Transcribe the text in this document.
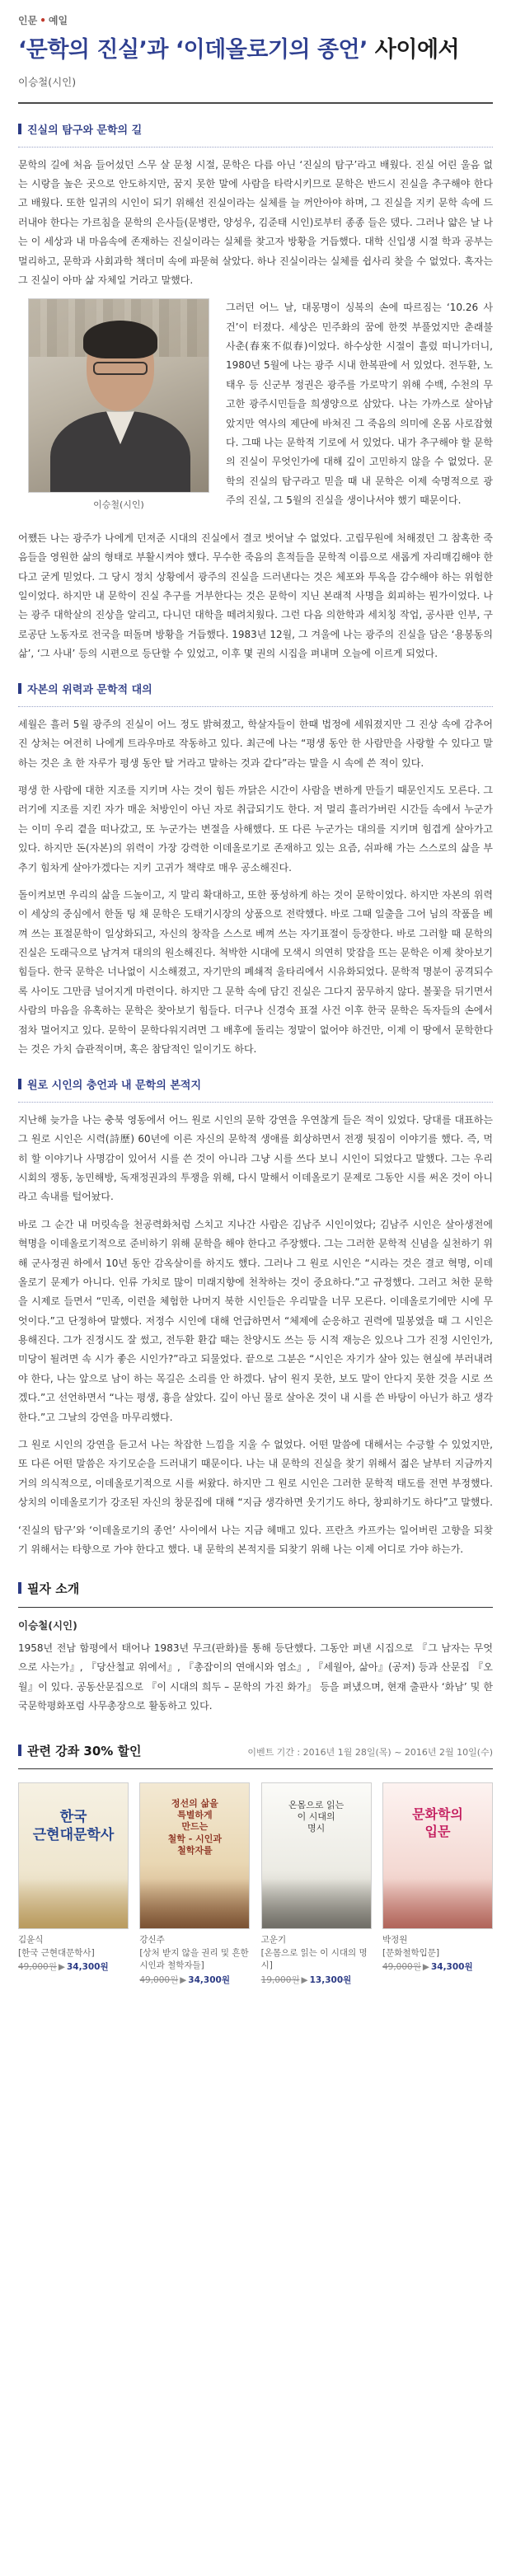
인문 • 예일
‘문학의 진실’과 ‘이데올로기의 종언’ 사이에서
이승철(시인)
진실의 탐구와 문학의 길

문학의 길에 처음 들어섰던 스무 살 문청 시절, 문학은 다름 아닌 ‘진실의 탐구’라고 배웠다. 진실 어린 울음 없는 시랑을 높은 곳으로 안도하지만, 꿈지 못한 말에 사람을 타락시키므로 문학은 반드시 진실을 추구해야 한다고 배웠다. 또한 일귀의 시인이 되기 위해선 진실이라는 실체를 늘 꺼안아야 하며, 그 진실을 지키 문학 속에 드러내야 한다는 가르침을 문학의 은사들(문병란, 양성우, 김준태 시인)로부터 종종 들은 뎄다. 그러나 얇은 날 나는 이 세상과 내 마음속에 존재하는 진실이라는 실체를 찾고자 방황을 거듭했다. 대학 신입생 시절 학과 공부는 멀리하고, 문학과 사회과학 책더미 속에 파묻혀 살았다. 하나 진실이라는 실체를 쉽사리 찾을 수 없었다. 혹자는 그 진실이 아마 삶 자체일 거라고 말했다.

이승철(시인)

그러던 어느 날, 대몽명이 싱복의 손에 따르짐는 ‘10.26 사건’이 터졌다. 세상은 민주화의 꿈에 한껏 부풀었지만 춘래불사춘(春來不似春)이었다. 하수상한 시절이 흘렀 떠니가더니, 1980년 5월에 나는 광주 시내 한복판에 서 있었다. 전두환, 노태우 등 신군부 정권은 광주를 가로막기 위해 수백, 수천의 무고한 광주시민들을 희생양으로 삼았다. 나는 가까스로 살아남았지만 역사의 제단에 바쳐진 그 죽음의 의미에 온몸 사로잡혔다. 그때 나는 문학적 기로에 서 있었다. 내가 추구해야 할 문학의 진실이 무엇인가에 대해 깊이 고민하지 않을 수 없었다. 문학의 진실의 탐구라고 믿을 때 내 문학은 이제 숙명적으로 광주의 진실, 그 5월의 진실을 생이나서야 했기 때문이다.

어쨌든 나는 광주가 나에게 던져준 시대의 진실에서 결코 벗어날 수 없었다. 고립무원에 처해졌던 그 참혹한 죽음들을 영원한 삶의 형태로 부활시켜야 했다. 무수한 죽음의 흔적들을 문학적 이름으로 새롭게 자리매김해야 한다고 굳게 믿었다. 그 당시 정치 상황에서 광주의 진실을 드러낸다는 것은 체포와 투옥을 감수해야 하는 위험한 일이었다. 하지만 내 문학이 진실 추구를 거부한다는 것은 문학이 지닌 본래적 사명을 회피하는 뭔가이었다. 나는 광주 대학살의 진상을 알리고, 다니던 대학을 떼려치웠다. 그런 다음 의한학과 세치칭 작업, 공사판 인부, 구로공단 노동자로 전국을 떠돌며 방황을 거듭했다. 1983년 12월, 그 겨울에 나는 광주의 진실을 담은 ‘용봉동의 삶’, ‘그 사내’ 등의 시편으로 등단할 수 있었고, 이후 몇 권의 시집을 펴내며 오늘에 이르게 되었다.

자본의 위력과 문학적 대의

세월은 흘러 5월 광주의 진실이 어느 정도 밝혀졌고, 학살자들이 한때 법정에 세워졌지만 그 진상 속에 감추어진 상처는 여전히 나에게 트라우마로 작동하고 있다. 최근에 나는 “평생 동안 한 사람만을 사랑할 수 있다고 말하는 것은 초 한 자루가 평생 동안 탈 거라고 말하는 것과 같다”라는 말을 시 속에 쓴 적이 있다.

평생 한 사람에 대한 지조를 지키며 사는 것이 힘든 까닭은 시간이 사람을 변하게 만들기 때문인지도 모른다. 그러기에 지조를 지킨 자가 매운 처방인이 아닌 자로 취급되기도 한다. 저 멀리 흘러가버린 시간들 속에서 누군가는 이미 우리 곁을 떠나갔고, 또 누군가는 변절을 사해했다. 또 다른 누군가는 대의를 지키며 힘겹게 살아가고 있다. 하지만 돈(자본)의 위력이 가장 강력한 이데올로기로 존재하고 있는 요즘, 쉬파해 가는 스스로의 삶을 부추기 힘차게 살아가겠다는 지키 고귀가 책략로 매우 공소해진다.

돌이켜보면 우리의 삶을 드높이고, 지 말리 확대하고, 또한 풍성하게 하는 것이 문학이었다. 하지만 자본의 위력이 세상의 중심에서 한돌 팅 채 문학은 도태기시장의 상품으로 전락했다. 바로 그때 일출을 그어 님의 작품을 베껴 쓰는 표절문학이 일상화되고, 자신의 창작을 스스로 베껴 쓰는 자기표절이 등장한다. 바로 그러할 때 문학의 진실은 도래극으로 남겨져 대의의 원소해진다. 척박한 시대에 모색시 의연히 맞잡을 뜨는 문학은 이제 찾아보기 힘들다. 한국 문학은 너나없이 시소해졌고, 자기만의 폐쇄적 울타리에서 시유화되었다. 문학적 명분이 공격되수록 사이도 그만큼 널어지게 마련이다. 하지만 그 문학 속에 담긴 진실은 그다지 꿈무하지 않다. 볼꽃을 뒤기면서 사람의 마음을 유혹하는 문학은 찾아보기 힘들다. 더구나 신경숙 표절 사건 이후 한국 문학은 독자들의 손에서 점차 멀어지고 있다. 문학이 문학다워지려면 그 배후에 돌리는 정말이 없어야 하건만, 이제 이 땅에서 문학한다는 것은 가치 습관적이며, 혹은 참담적인 일이기도 하다.

원로 시인의 충언과 내 문학의 본적지

지난해 늦가을 나는 충북 영동에서 어느 원로 시인의 문학 강연을 우연찮게 들은 적이 있었다. 당대를 대표하는 그 원로 시인은 시력(詩歷) 60년에 이른 자신의 문학적 생애를 회상하면서 전쟁 뒷짐이 이야기를 했다. 즉, 먹히 할 이야기나 사명감이 있어서 시를 쓴 것이 아니라 그냥 시를 쓰다 보니 시인이 되었다고 말했다. 그는 우리 시회의 쟁동, 농민해방, 독재정권과의 투쟁을 위해, 다시 말해서 이데올로기 문제로 그동안 시를 써온 것이 아니라고 속내를 털어놨다.

바로 그 순간 내 머릿속을 천공력화처럼 스치고 지나간 사람은 김남주 시인이었다; 김남주 시인은 살아생전에 혁명을 이데올로기적으로 준비하기 위해 문학을 해야 한다고 주장했다. 그는 그러한 문학적 신념을 실천하기 위해 군사정권 하에서 10년 동안 감옥살이를 하지도 했다. 그러나 그 원로 시인은 “시라는 것은 결코 혁명, 이데올로기 문제가 아니다. 인류 가치로 많이 미래지향에 천착하는 것이 중요하다.”고 규정했다. 그러고 처한 문학을 시제로 들면서 “민족, 이런을 체험한 나머지 북한 시인들은 우리말을 너무 모른다. 이데올로기에만 시에 무엇이다.”고 단정하여 말했다. 저정수 시인에 대해 언급하면서 “체제에 순응하고 권력에 밀봉였을 때 그 시인은 용해진다. 그가 진정시도 잘 썼고, 전두환 환갑 때는 찬양시도 쓰는 등 시적 재능은 있으나 그가 진정 시인인가, 미당이 될려면 속 시가 좋은 시인가?”라고 되물었다. 끝으로 그분은 “시인은 자기가 살아 있는 현실에 부러내려야 한다, 나는 앞으로 남이 하는 목길은 소리를 안 하겠다. 남이 원지 못한, 보도 말이 안다지 못한 것을 시로 쓰겠다.”고 선언하면서 “나는 평생, 흉을 살았다. 깊이 아닌 물로 살아온 것이 내 시를 쓴 바탕이 아닌가 하고 생각한다.”고 그날의 강연을 마무리했다.

그 원로 시인의 강연을 듣고서 나는 착잡한 느낌을 지울 수 없었다. 어떤 말씀에 대해서는 수긍할 수 있었지만, 또 다른 어떤 말씀은 자기모순을 드러내기 때문이다. 나는 내 문학의 진실을 찾기 위해서 젊은 날부터 지금까지 거의 의식적으로, 이데올로기적으로 시를 써왔다. 하지만 그 원로 시인은 그러한 문학적 태도를 전면 부정했다. 상치의 이데올로기가 강조된 자신의 창문집에 대해 “지금 생각하면 웃기기도 하다, 창피하기도 하다”고 말했다.

‘진실의 탐구’와 ‘이데올로기의 종언’ 사이에서 나는 지금 헤매고 있다. 프란츠 카프카는 일어버린 고향을 되찾기 위해서는 타향으로 가야 한다고 했다. 내 문학의 본적지를 되찾기 위해 나는 이제 어디로 가야 하는가.

필자 소개
이승철(시인)

1958년 전남 함평에서 태어나 1983년 무크(판화)를 통해 등단했다. 그동안 펴낸 시집으로 『그 남자는 무엇으로 사는가』, 『당산철교 위에서』, 『총잡이의 연애시와 염소』, 『세월아, 삶아』(공저) 등과 산문집 『오월』이 있다. 공동산문집으로 『이 시대의 희두 – 문학의 가진 화가』 등을 펴냈으며, 현재 출판사 ‘화남’ 및 한국문학평화포럼 사무총장으로 활동하고 있다.

관련 강좌 30% 할인	이벤트 기간 : 2016년 1월 28일(목) ~ 2016년 2월 10일(수)
한국
근현대문학사
김윤식
[한국 근현대문학사]
49,000원 ▶ 34,300원
정선의 삶을
특별하게
만드는
철학 - 시인과
철학자를
강신주
[상처 받지 않을 권리 및 흔한 시인과 철학자들]
49,000원 ▶ 34,300원
온몸으로 읽는
이 시대의
명시
고운기
[온몸으로 읽는 이 시대의 명시]
19,000원 ▶ 13,300원
문화학의
입문
박정원
[문화철학입문]
49,000원 ▶ 34,300원
